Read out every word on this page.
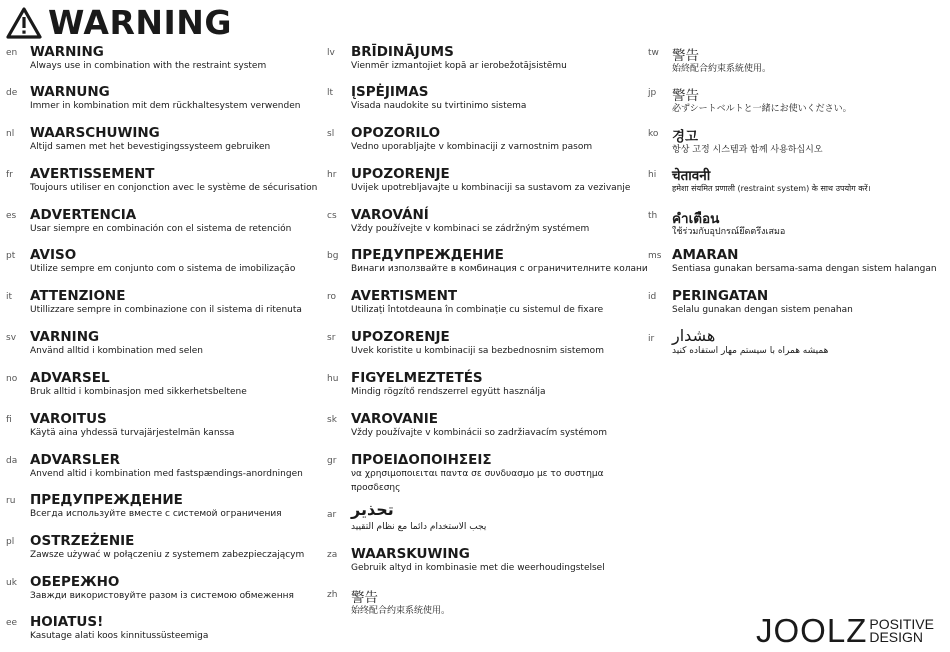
WARNING
en WARNING
Always use in combination with the restraint system
de WARNUNG
Immer in kombination mit dem rückhaltesystem verwenden
nl WAARSCHUWING
Altijd samen met het bevestigingssysteem gebruiken
fr AVERTISSEMENT
Toujours utiliser en conjonction avec le système de sécurisation
es ADVERTENCIA
Usar siempre en combinación con el sistema de retención
pt AVISO
Utilize sempre em conjunto com o sistema de imobilização
it ATTENZIONE
Utillizzare sempre in combinazione con il sistema di ritenuta
sv VARNING
Använd alltid i kombination med selen
no ADVARSEL
Bruk alltid i kombinasjon med sikkerhetsbeltene
fi VAROITUS
Käytä aina yhdessä turvajärjestelmän kanssa
da ADVARSLER
Anvend altid i kombination med fastspændings-anordningen
ru ПРЕДУПРЕЖДЕНИЕ
Всегда используйте вместе с системой ограничения
pl OSTRZEŻENIE
Zawsze używać w połączeniu z systemem zabezpieczającym
uk ОБЕРЕЖНО
Завжди використовуйте разом із системою обмеження
ee HOIATUS!
Kasutage alati koos kinnitussüsteemiga
lv BRĪDINĀJUMS
Vienmēr izmantojiet kopā ar ierobežotājsistēmu
lt ĮSPĖJIMAS
Visada naudokite su tvirtinimo sistema
sl OPOZORILO
Vedno uporabljajte v kombinaciji z varnostnim pasom
hr UPOZORENJE
Uvijek upotrebljavajte u kombinaciji sa sustavom za vezivanje
cs VAROVÁNÍ
Vždy používejte v kombinaci se zádržným systémem
bg ПРЕДУПРЕЖДЕНИЕ
Винаги използвайте в комбинация с ограничителните колани
ro AVERTISMENT
Utilizați întotdeauna în combinație cu sistemul de fixare
sr UPOZORENJE
Uvek koristite u kombinaciji sa bezbednosnim sistemom
hu FIGYELMEZTETÉS
Mindig rögzítő rendszerrel együtt használja
sk VAROVANIE
Vždy používajte v kombinácii so zadržiavacím systémom
gr ΠΡΟΕΙΔΟΠΟΙΗΣΕΙΣ
να χρησιμοποιειται παντα σε συνδυασμο με το συστημα
προσδεσης
ar تحذير
يجب الاستخدام دائما مع نظام التقييد
za WAARSKUWING
Gebruik altyd in kombinasie met die weerhoudingstelsel
zh 警告
始终配合约束系统使用。
tw 警告
始終配合約束系統使用。
jp 警告
必ずシートベルトと一緒にお使いください。
ko 경고
항상 고정 시스템과 함께 사용하십시오
hi चेतावनी
हमेशा संयमित प्रणाली (restraint system) के साथ उपयोग करें।
th คำเตือน
ใช้ร่วมกับอุปกรณ์ยึดตรึงเสมอ
ms AMARAN
Sentiasa gunakan bersama-sama dengan sistem halangan
id PERINGATAN
Selalu gunakan dengan sistem penahan
ir هشدار
همیشه همراه با سیستم مهار استفاده کنید
JOOLZ POSITIVE
DESIGN
